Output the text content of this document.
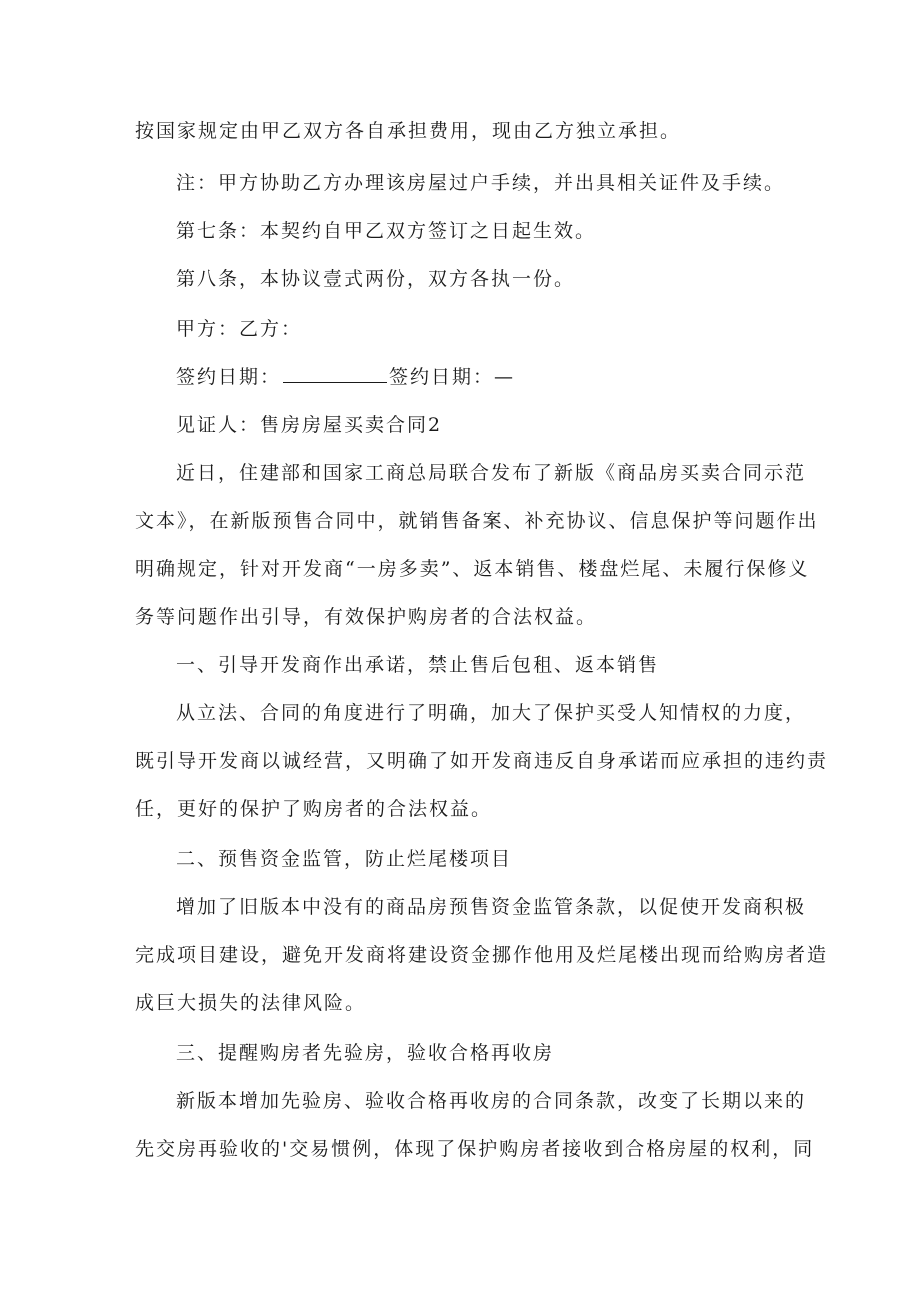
按国家规定由甲乙双方各自承担费用，现由乙方独立承担。
注：甲方协助乙方办理该房屋过户手续，并出具相关证件及手续。
第七条：本契约自甲乙双方签订之日起生效。
第八条，本协议壹式两份，双方各执一份。
甲方：乙方：
签约日期：	签约日期：—
见证人：售房房屋买卖合同2
近日，住建部和国家工商总局联合发布了新版《商品房买卖合同示范
文本》，在新版预售合同中，就销售备案、补充协议、信息保护等问题作出
明确规定，针对开发商“一房多卖”、返本销售、楼盘烂尾、未履行保修义
务等问题作出引导，有效保护购房者的合法权益。
一、引导开发商作出承诺，禁止售后包租、返本销售
从立法、合同的角度进行了明确，加大了保护买受人知情权的力度，
既引导开发商以诚经营，又明确了如开发商违反自身承诺而应承担的违约责
任，更好的保护了购房者的合法权益。
二、预售资金监管，防止烂尾楼项目
增加了旧版本中没有的商品房预售资金监管条款，以促使开发商积极
完成项目建设，避免开发商将建设资金挪作他用及烂尾楼出现而给购房者造
成巨大损失的法律风险。
三、提醒购房者先验房，验收合格再收房
新版本增加先验房、验收合格再收房的合同条款，改变了长期以来的
先交房再验收的'交易惯例，体现了保护购房者接收到合格房屋的权利，同
